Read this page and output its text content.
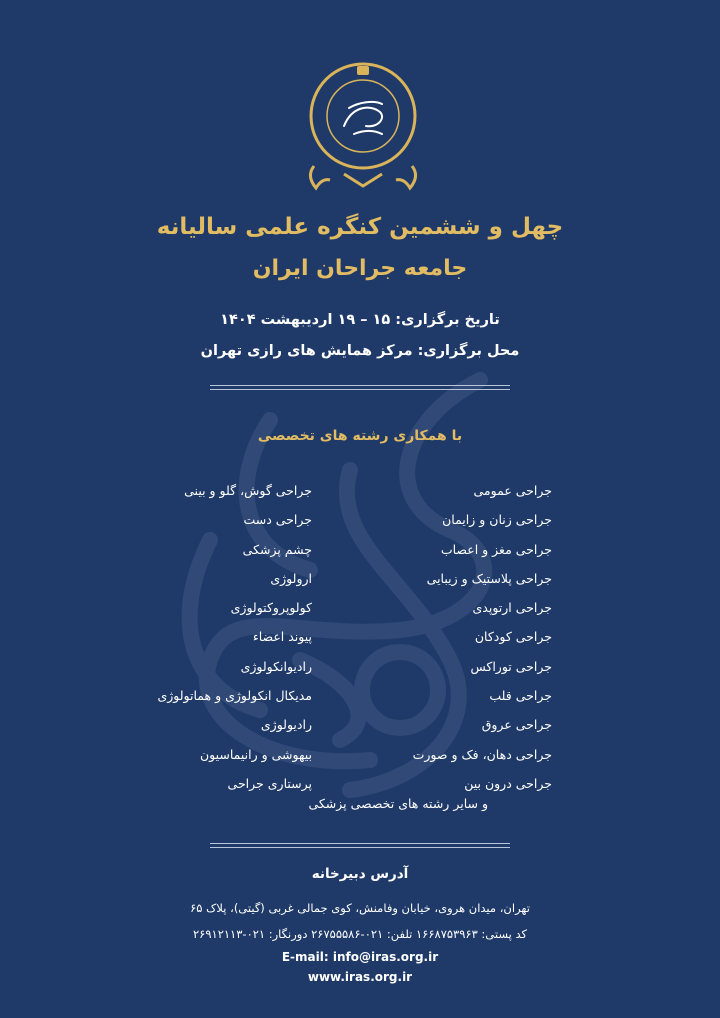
چهل و ششمین کنگره علمی سالیانه
جامعه جراحان ایران
تاریخ برگزاری: ۱۵ – ۱۹ اردیبهشت ۱۴۰۴
محل برگزاری: مرکز همایش های رازی تهران
با همکاری رشته های تخصصی
جراحی عمومی
جراحی زنان و زایمان
جراحی مغز و اعصاب
جراحی پلاستیک و زیبایی
جراحی ارتوپدی
جراحی کودکان
جراحی توراکس
جراحی قلب
جراحی عروق
جراحی دهان، فک و صورت
جراحی درون بین
جراحی گوش، گلو و بینی
جراحی دست
چشم پزشکی
ارولوژی
کولوپروکتولوژی
پیوند اعضاء
رادیوانکولوژی
مدیکال انکولوژی و هماتولوژی
رادیولوژی
بیهوشی و رانیماسیون
پرستاری جراحی
و سایر رشته های تخصصی پزشکی
آدرس دبیرخانه
تهران، میدان هروی، خیابان وفامنش، کوی جمالی غربی (گیتی)، پلاک ۶۵
کد پستی: ۱۶۶۸۷۵۳۹۶۳ تلفن: ۰۲۱-۲۶۷۵۵۵۸۶ دورنگار: ۰۲۱-۲۶۹۱۲۱۱۳
E-mail: info@iras.org.ir
www.iras.org.ir
